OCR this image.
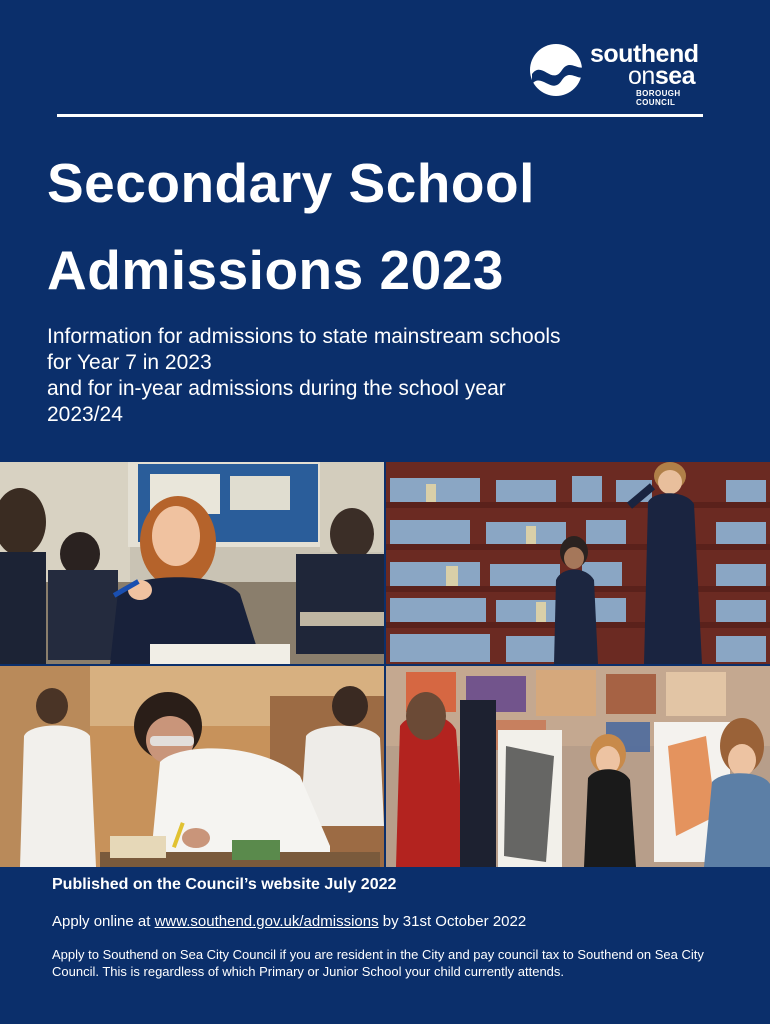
southend
onsea
BOROUGH COUNCIL
Secondary School
Admissions 2023
Information for admissions to state mainstream schools
for Year 7 in 2023
and for in-year admissions during the school year
2023/24
Published on the Council’s website July 2022
Apply online at www.southend.gov.uk/admissions by 31st October 2022
Apply to Southend on Sea City Council if you are resident in the City and pay council tax to Southend on Sea City Council. This is regardless of which Primary or Junior School your child currently attends.
